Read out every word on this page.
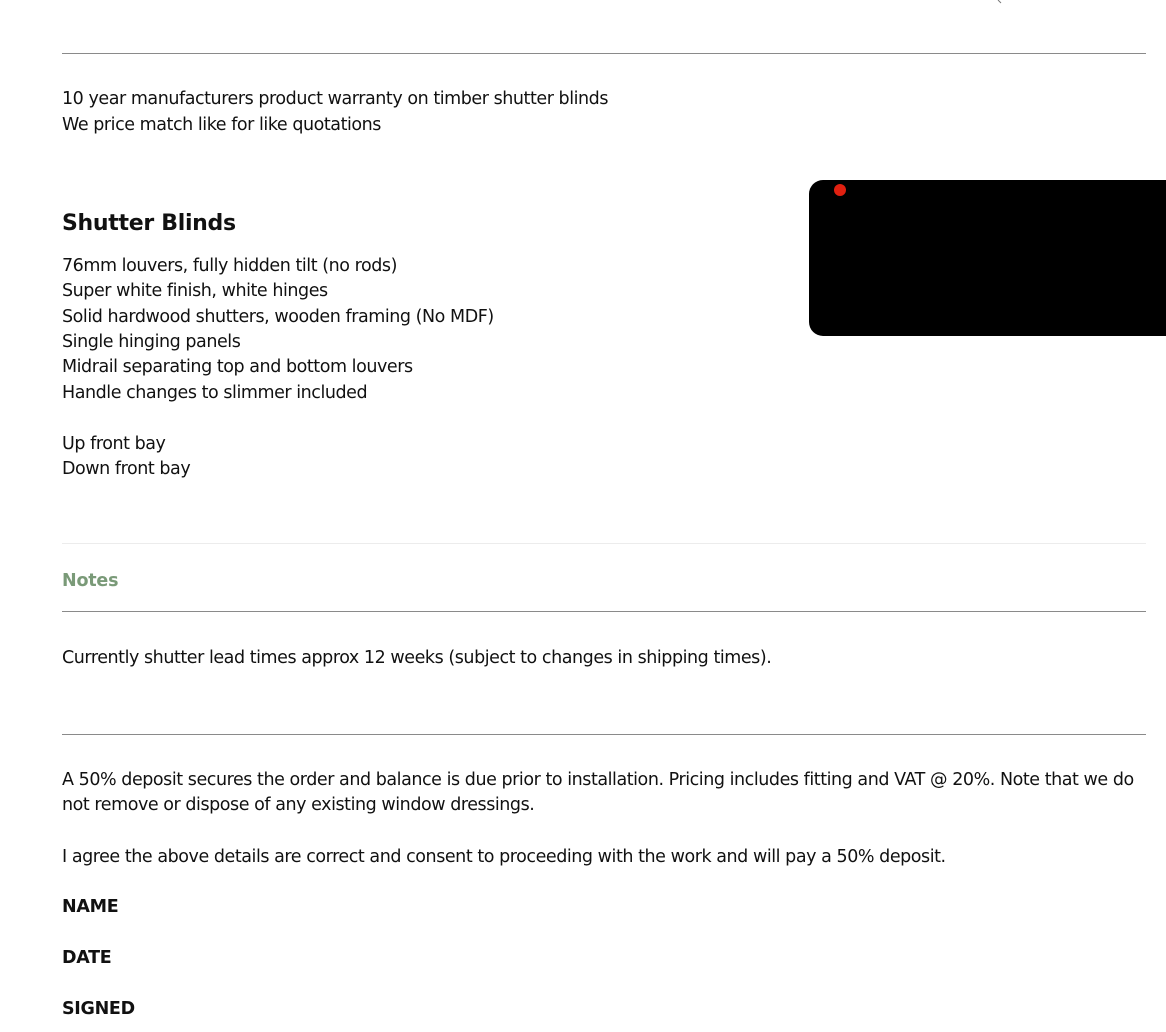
10 year manufacturers product warranty on timber shutter blinds
We price match like for like quotations
Shutter Blinds
76mm louvers, fully hidden tilt (no rods)
Super white finish, white hinges
Solid hardwood shutters, wooden framing (No MDF)
Single hinging panels
Midrail separating top and bottom louvers
Handle changes to slimmer included
Up front bay
Down front bay
Notes
Currently shutter lead times approx 12 weeks (subject to changes in shipping times).
A 50% deposit secures the order and balance is due prior to installation. Pricing includes fitting and VAT @ 20%. Note that we do not remove or dispose of any existing window dressings.
I agree the above details are correct and consent to proceeding with the work and will pay a 50% deposit.
NAME
DATE
SIGNED
